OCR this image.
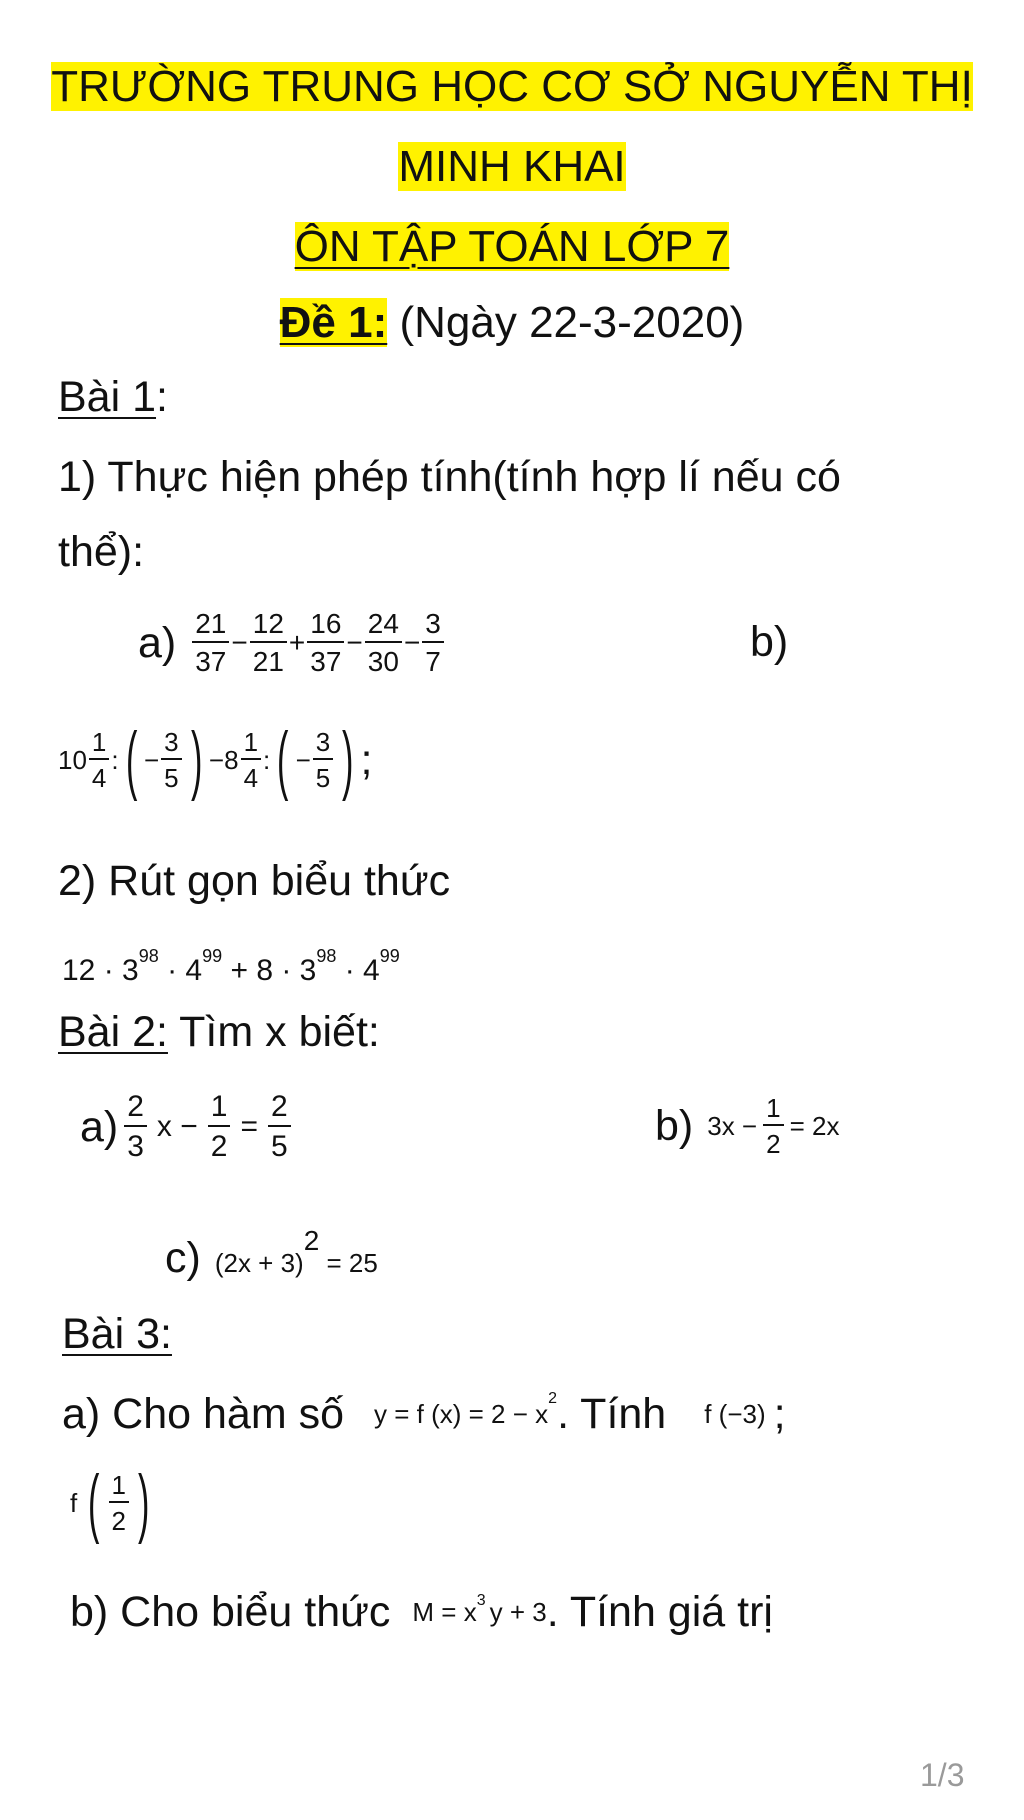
TRƯỜNG TRUNG HỌC CƠ SỞ NGUYỄN THỊ
MINH KHAI
ÔN TẬP TOÁN LỚP 7
Đề 1: (Ngày 22-3-2020)
Bài 1:
1) Thực hiện phép tính(tính hợp lí nếu có
thể):
$a) \frac{21}{37} - \frac{12}{21} + \frac{16}{37} - \frac{24}{30} - \frac{3}{7}$	b)
$10 \frac{1}{4}$ : ( − $\frac{3}{5}$ ) $-8 \frac{1}{4}$ : ( − $\frac{3}{5}$ ) ;
2) Rút gọn biểu thức
$12 \cdot 3^{98} \cdot 4^{99} + 8 \cdot 3^{98} \cdot 4^{99}$
Bài 2: Tìm x biết:
$a) \frac{2}{3}$ $x - \frac{1}{2} = \frac{2}{5}$	b) $3x - \frac{1}{2} = 2x$
c) (2x + 3)2 = 25
Bài 3:
a) Cho hàm số y = f (x) = 2 − x
2 . Tính f (−3) ;
f ( $\frac{1}{2}$ )
b) Cho biểu thức M = x 3 y + 3 . Tính giá trị
1/3
